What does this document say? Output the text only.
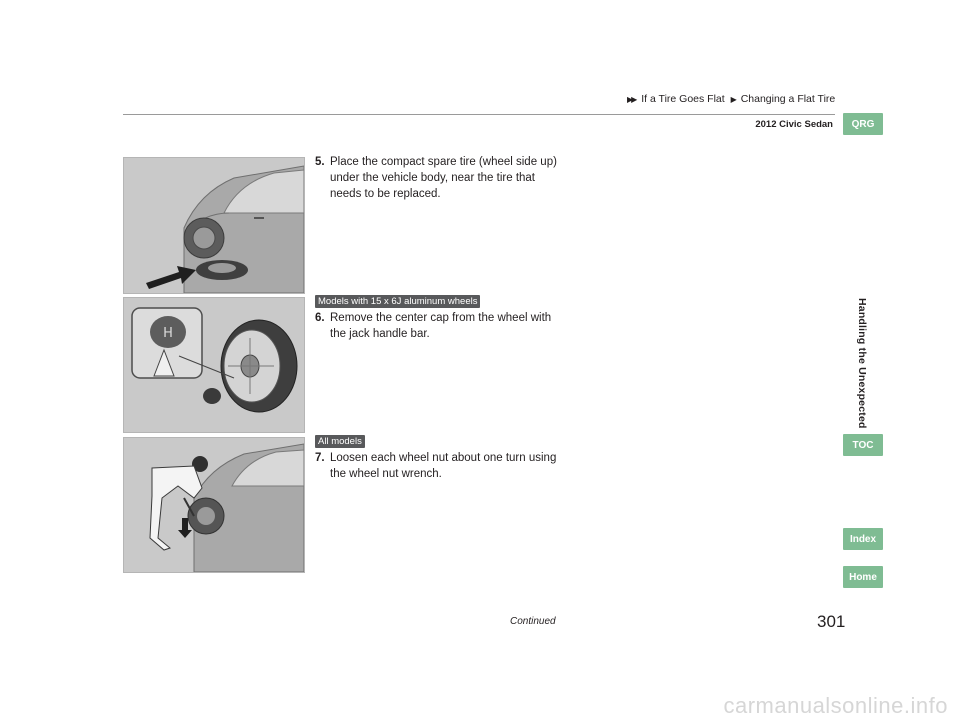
▶▶ If a Tire Goes Flat ▶ Changing a Flat Tire
2012 Civic Sedan	QRG
Handling the Unexpected
TOC
Index
Home
H
5. Place the compact spare tire (wheel side up) under the vehicle body, near the tire that needs to be replaced.
Models with 15 x 6J aluminum wheels
6. Remove the center cap from the wheel with the jack handle bar.
All models
7. Loosen each wheel nut about one turn using the wheel nut wrench.
Continued	301
carmanualsonline.info
